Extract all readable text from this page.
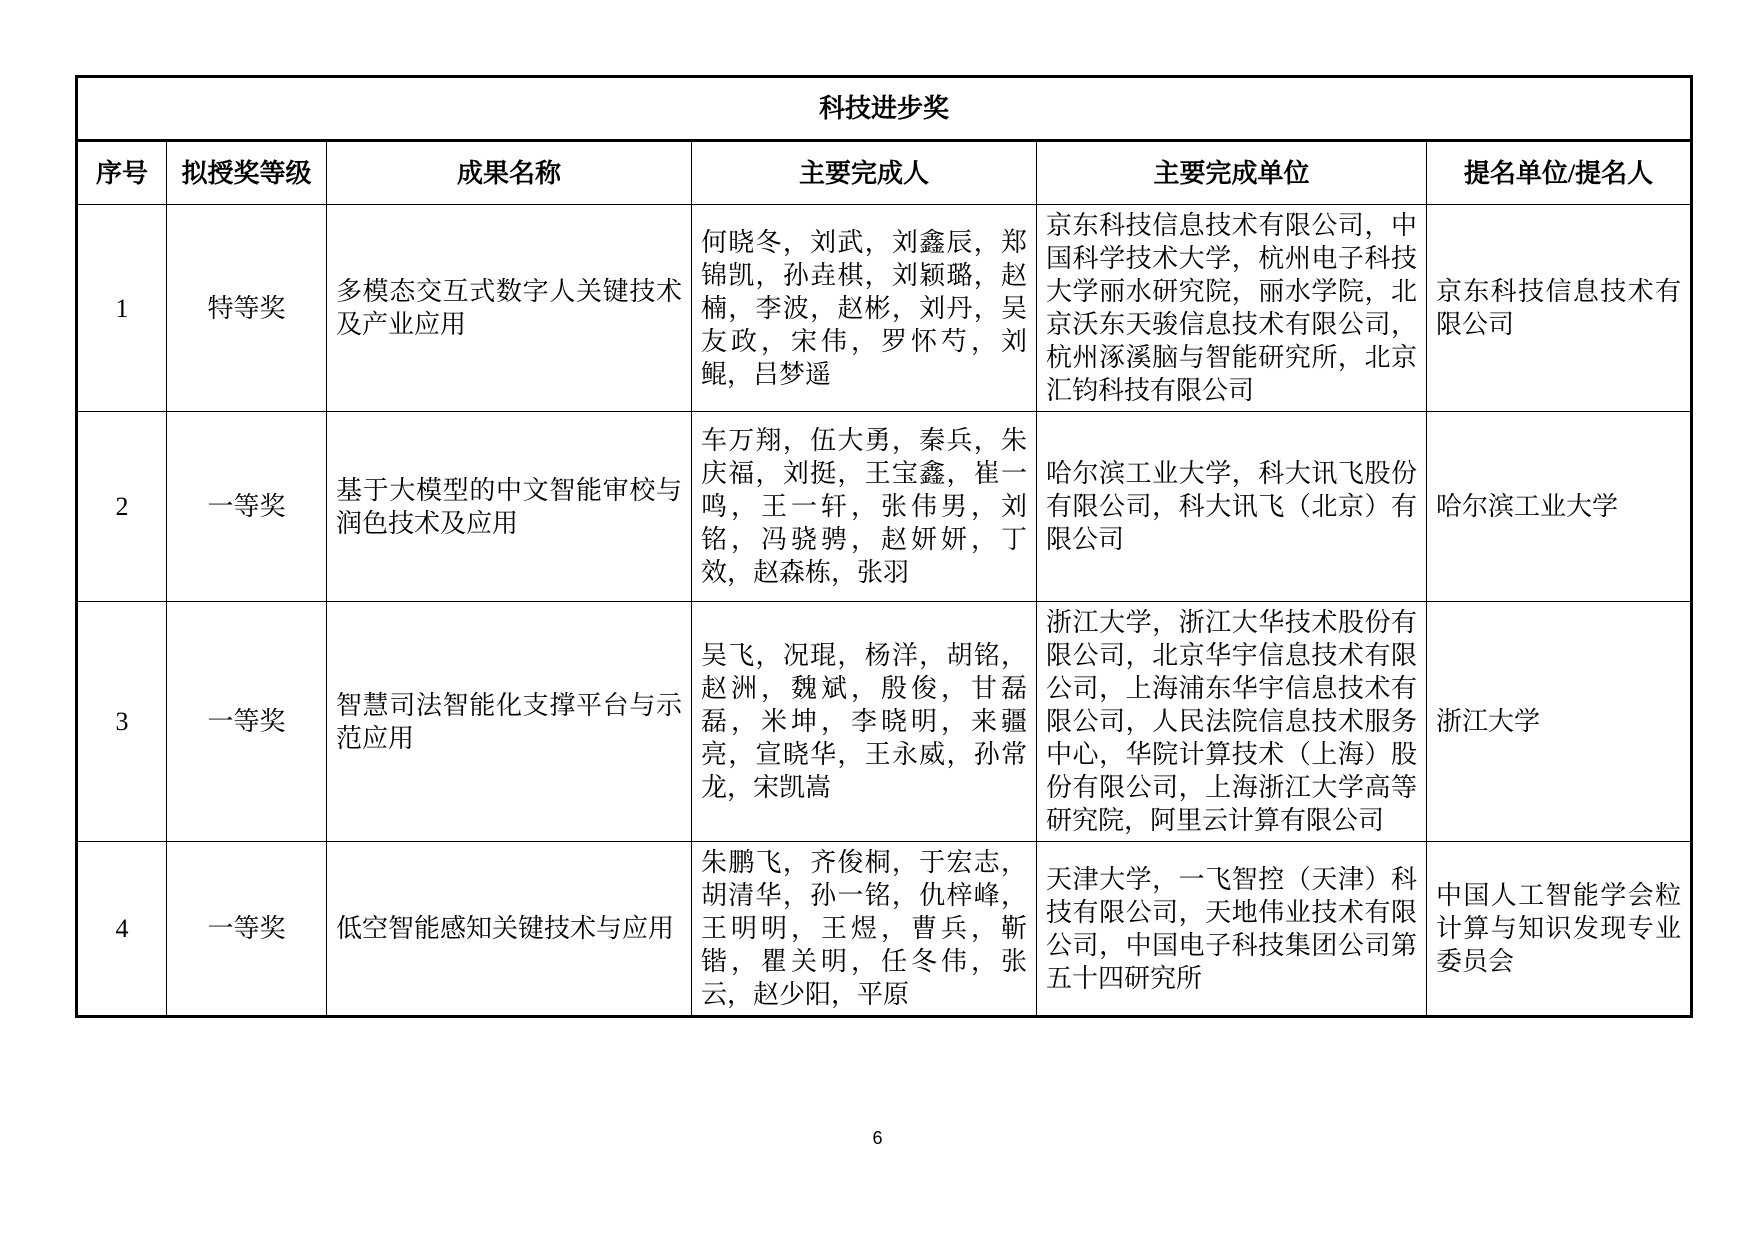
科技进步奖					
序号	拟授奖等级	成果名称	主要完成人	主要完成单位	提名单位/提名人
1	特等奖	多模态交互式数字人关键技术及产业应用	何晓冬，刘武，刘鑫辰，郑锦凯，孙垚棋，刘颖璐，赵楠，李波，赵彬，刘丹，吴友政，宋伟，罗怀芍，刘鲲，吕梦遥	京东科技信息技术有限公司，中国科学技术大学，杭州电子科技大学丽水研究院，丽水学院，北京沃东天骏信息技术有限公司，杭州涿溪脑与智能研究所，北京汇钧科技有限公司	京东科技信息技术有限公司
2	一等奖	基于大模型的中文智能审校与润色技术及应用	车万翔，伍大勇，秦兵，朱庆福，刘挺，王宝鑫，崔一鸣，王一轩，张伟男，刘铭，冯骁骋，赵妍妍，丁效，赵森栋，张羽	哈尔滨工业大学，科大讯飞股份有限公司，科大讯飞（北京）有限公司	哈尔滨工业大学
3	一等奖	智慧司法智能化支撑平台与示范应用	吴飞，况琨，杨洋，胡铭，赵洲，魏斌，殷俊，甘磊磊，米坤，李晓明，来疆亮，宣晓华，王永威，孙常龙，宋凯嵩	浙江大学，浙江大华技术股份有限公司，北京华宇信息技术有限公司，上海浦东华宇信息技术有限公司，人民法院信息技术服务中心，华院计算技术（上海）股份有限公司，上海浙江大学高等研究院，阿里云计算有限公司	浙江大学
4	一等奖	低空智能感知关键技术与应用	朱鹏飞，齐俊桐，于宏志，胡清华，孙一铭，仇梓峰，王明明，王煜，曹兵，靳锴，瞿关明，任冬伟，张云，赵少阳，平原	天津大学，一飞智控（天津）科技有限公司，天地伟业技术有限公司，中国电子科技集团公司第五十四研究所	中国人工智能学会粒计算与知识发现专业委员会
6
